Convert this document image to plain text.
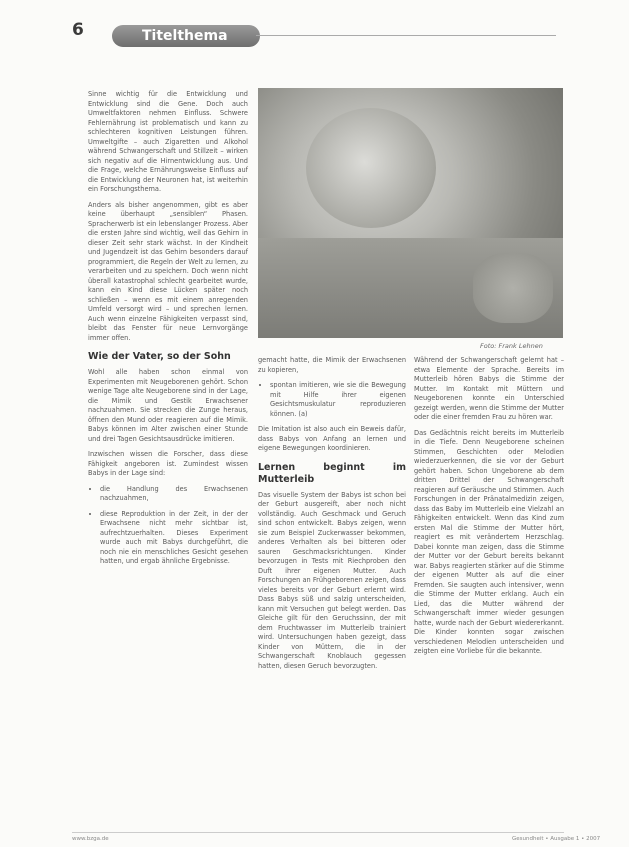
6	Titelthema

Sinne wichtig für die Entwicklung und Entwicklung sind die Gene. Doch auch Umweltfaktoren nehmen Einfluss. Schwere Fehlernährung ist problematisch und kann zu schlechteren kognitiven Leistungen führen. Umweltgifte – auch Zigaretten und Alkohol während Schwangerschaft und Stillzeit – wirken sich negativ auf die Hirnentwicklung aus. Und die Frage, welche Ernährungsweise Einfluss auf die Entwicklung der Neuronen hat, ist weiterhin ein Forschungsthema.

Anders als bisher angenommen, gibt es aber keine überhaupt „sensiblen“ Phasen. Spracherwerb ist ein lebenslanger Prozess. Aber die ersten Jahre sind wichtig, weil das Gehirn in dieser Zeit sehr stark wächst. In der Kindheit und Jugendzeit ist das Gehirn besonders darauf programmiert, die Regeln der Welt zu lernen, zu verarbeiten und zu speichern. Doch wenn nicht überall katastrophal schlecht gearbeitet wurde, kann ein Kind diese Lücken später noch schließen – wenn es mit einem anregenden Umfeld versorgt wird – und sprechen lernen. Auch wenn einzelne Fähigkeiten verpasst sind, bleibt das Fenster für neue Lernvorgänge immer offen.

Wie der Vater, so der Sohn

Wohl alle haben schon einmal von Experimenten mit Neugeborenen gehört. Schon wenige Tage alte Neugeborene sind in der Lage, die Mimik und Gestik Erwachsener nachzuahmen. Sie strecken die Zunge heraus, öffnen den Mund oder reagieren auf die Mimik. Babys können im Alter zwischen einer Stunde und drei Tagen Gesichtsausdrücke imitieren.

Inzwischen wissen die Forscher, dass diese Fähigkeit angeboren ist. Zumindest wissen Babys in der Lage sind:

• die Handlung des Erwachsenen nachzuahmen,
• diese Reproduktion in der Zeit, in der der Erwachsene nicht mehr sichtbar ist, aufrechtzuerhalten. Dieses Experiment wurde auch mit Babys durchgeführt, die noch nie ein menschliches Gesicht gesehen hatten, und ergab ähnliche Ergebnisse.
Foto: Frank Lehnen

gemacht hatte, die Mimik der Erwachsenen zu kopieren,

• spontan imitieren, wie sie die Bewegung mit Hilfe ihrer eigenen Gesichtsmuskulatur reproduzieren können. (a)

Die Imitation ist also auch ein Beweis dafür, dass Babys von Anfang an lernen und eigene Bewegungen koordinieren.

Lernen beginnt im Mutterleib

Das visuelle System der Babys ist schon bei der Geburt ausgereift, aber noch nicht vollständig. Auch Geschmack und Geruch sind schon entwickelt. Babys zeigen, wenn sie zum Beispiel Zuckerwasser bekommen, anderes Verhalten als bei bitteren oder sauren Geschmacksrichtungen. Kinder bevorzugen in Tests mit Riechproben den Duft ihrer eigenen Mutter. Auch Forschungen an Frühgeborenen zeigen, dass vieles bereits vor der Geburt erlernt wird. Dass Babys süß und salzig unterscheiden, kann mit Versuchen gut belegt werden. Das Gleiche gilt für den Geruchssinn, der mit dem Fruchtwasser im Mutterleib trainiert wird. Untersuchungen haben gezeigt, dass Kinder von Müttern, die in der Schwangerschaft Knoblauch gegessen hatten, diesen Geruch bevorzugten.

Während der Schwangerschaft gelernt hat – etwa Elemente der Sprache. Bereits im Mutterleib hören Babys die Stimme der Mutter. Im Kontakt mit Müttern und Neugeborenen konnte ein Unterschied gezeigt werden, wenn die Stimme der Mutter oder die einer fremden Frau zu hören war.

Das Gedächtnis reicht bereits im Mutterleib in die Tiefe. Denn Neugeborene scheinen Stimmen, Geschichten oder Melodien wiederzuerkennen, die sie vor der Geburt gehört haben. Schon Ungeborene ab dem dritten Drittel der Schwangerschaft reagieren auf Geräusche und Stimmen. Auch Forschungen in der Pränatalmedizin zeigen, dass das Baby im Mutterleib eine Vielzahl an Fähigkeiten entwickelt. Wenn das Kind zum ersten Mal die Stimme der Mutter hört, reagiert es mit verändertem Herzschlag. Dabei konnte man zeigen, dass die Stimme der Mutter vor der Geburt bereits bekannt war. Babys reagierten stärker auf die Stimme der eigenen Mutter als auf die einer Fremden. Sie saugten auch intensiver, wenn die Stimme der Mutter erklang. Auch ein Lied, das die Mutter während der Schwangerschaft immer wieder gesungen hatte, wurde nach der Geburt wiedererkannt. Die Kinder konnten sogar zwischen verschiedenen Melodien unterscheiden und zeigten eine Vorliebe für die bekannte.

www.bzga.de	Gesundheit • Ausgabe 1 • 2007
